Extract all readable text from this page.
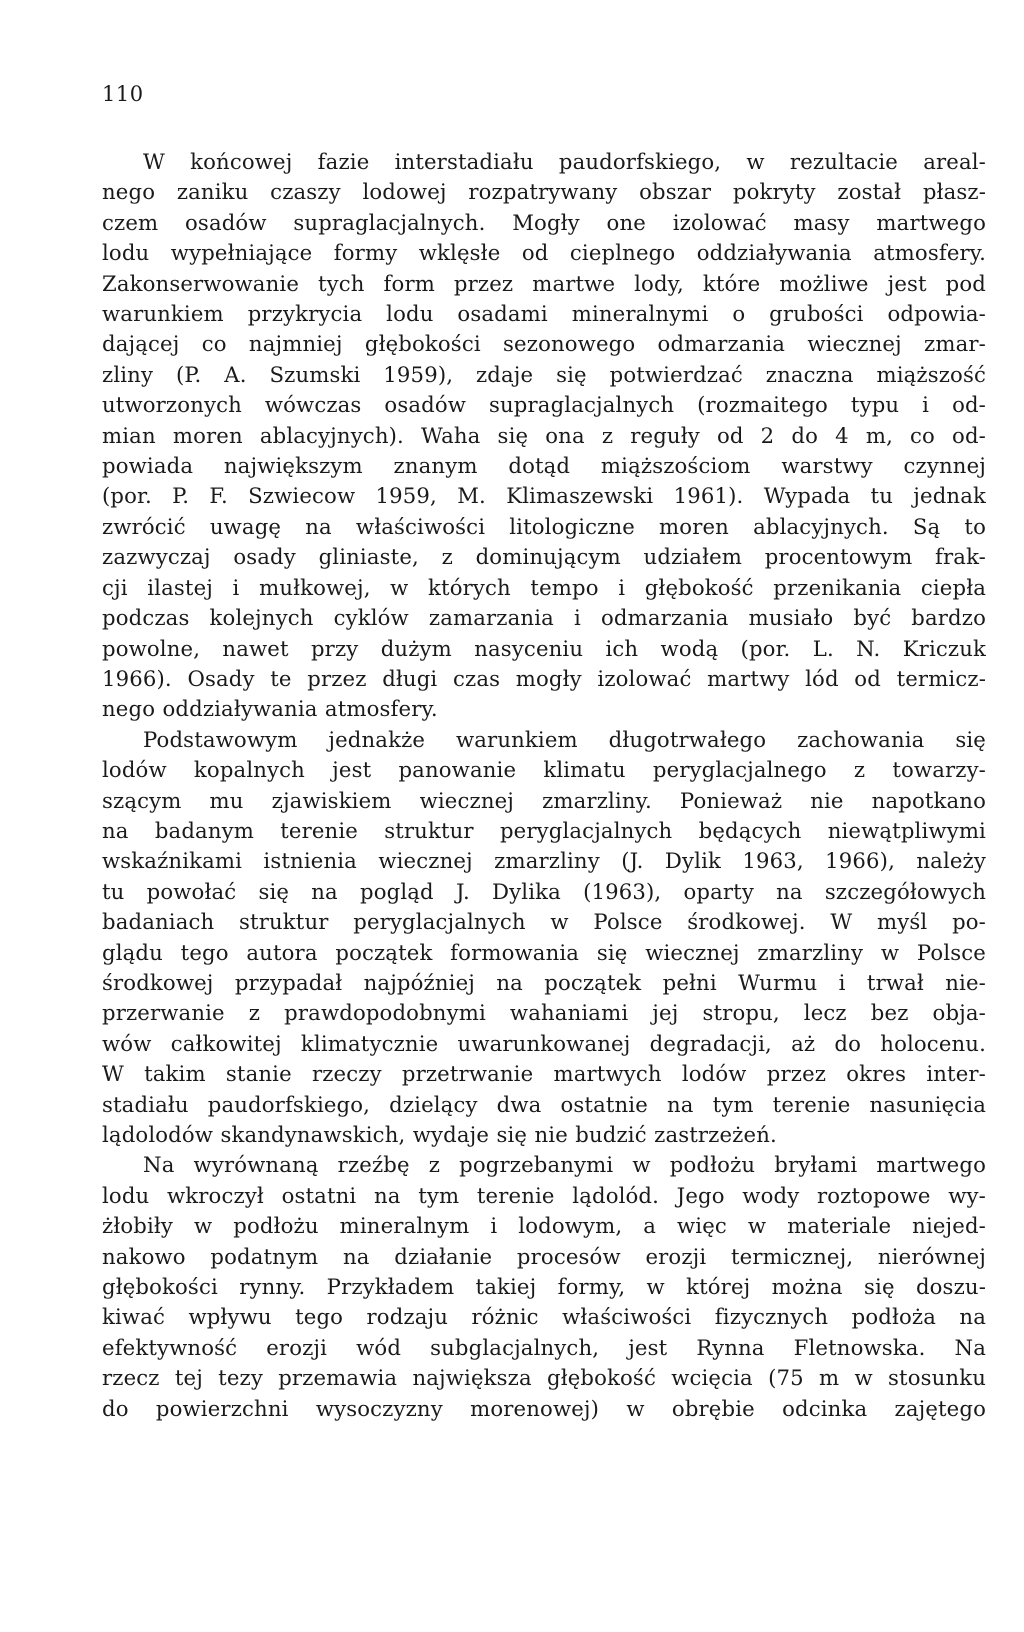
110
W końcowej fazie interstadiału paudorfskiego, w rezultacie areal-
nego zaniku czaszy lodowej rozpatrywany obszar pokryty został płasz-
czem osadów supraglacjalnych. Mogły one izolować masy martwego
lodu wypełniające formy wklęsłe od cieplnego oddziaływania atmosfery.
Zakonserwowanie tych form przez martwe lody, które możliwe jest pod
warunkiem przykrycia lodu osadami mineralnymi o grubości odpowia-
dającej co najmniej głębokości sezonowego odmarzania wiecznej zmar-
zliny (P. A. Szumski 1959), zdaje się potwierdzać znaczna miąższość
utworzonych wówczas osadów supraglacjalnych (rozmaitego typu i od-
mian moren ablacyjnych). Waha się ona z reguły od 2 do 4 m, co od-
powiada największym znanym dotąd miąższościom warstwy czynnej
(por. P. F. Szwiecow 1959, M. Klimaszewski 1961). Wypada tu jednak
zwrócić uwagę na właściwości litologiczne moren ablacyjnych. Są to
zazwyczaj osady gliniaste, z dominującym udziałem procentowym frak-
cji ilastej i mułkowej, w których tempo i głębokość przenikania ciepła
podczas kolejnych cyklów zamarzania i odmarzania musiało być bardzo
powolne, nawet przy dużym nasyceniu ich wodą (por. L. N. Kriczuk
1966). Osady te przez długi czas mogły izolować martwy lód od termicz-
nego oddziaływania atmosfery.
Podstawowym jednakże warunkiem długotrwałego zachowania się
lodów kopalnych jest panowanie klimatu peryglacjalnego z towarzy-
szącym mu zjawiskiem wiecznej zmarzliny. Ponieważ nie napotkano
na badanym terenie struktur peryglacjalnych będących niewątpliwymi
wskaźnikami istnienia wiecznej zmarzliny (J. Dylik 1963, 1966), należy
tu powołać się na pogląd J. Dylika (1963), oparty na szczegółowych
badaniach struktur peryglacjalnych w Polsce środkowej. W myśl po-
glądu tego autora początek formowania się wiecznej zmarzliny w Polsce
środkowej przypadał najpóźniej na początek pełni Wurmu i trwał nie-
przerwanie z prawdopodobnymi wahaniami jej stropu, lecz bez obja-
wów całkowitej klimatycznie uwarunkowanej degradacji, aż do holocenu.
W takim stanie rzeczy przetrwanie martwych lodów przez okres inter-
stadiału paudorfskiego, dzielący dwa ostatnie na tym terenie nasunięcia
lądolodów skandynawskich, wydaje się nie budzić zastrzeżeń.
Na wyrównaną rzeźbę z pogrzebanymi w podłożu bryłami martwego
lodu wkroczył ostatni na tym terenie lądolód. Jego wody roztopowe wy-
żłobiły w podłożu mineralnym i lodowym, a więc w materiale niejed-
nakowo podatnym na działanie procesów erozji termicznej, nierównej
głębokości rynny. Przykładem takiej formy, w której można się doszu-
kiwać wpływu tego rodzaju różnic właściwości fizycznych podłoża na
efektywność erozji wód subglacjalnych, jest Rynna Fletnowska. Na
rzecz tej tezy przemawia największa głębokość wcięcia (75 m w stosunku
do powierzchni wysoczyzny morenowej) w obrębie odcinka zajętego
